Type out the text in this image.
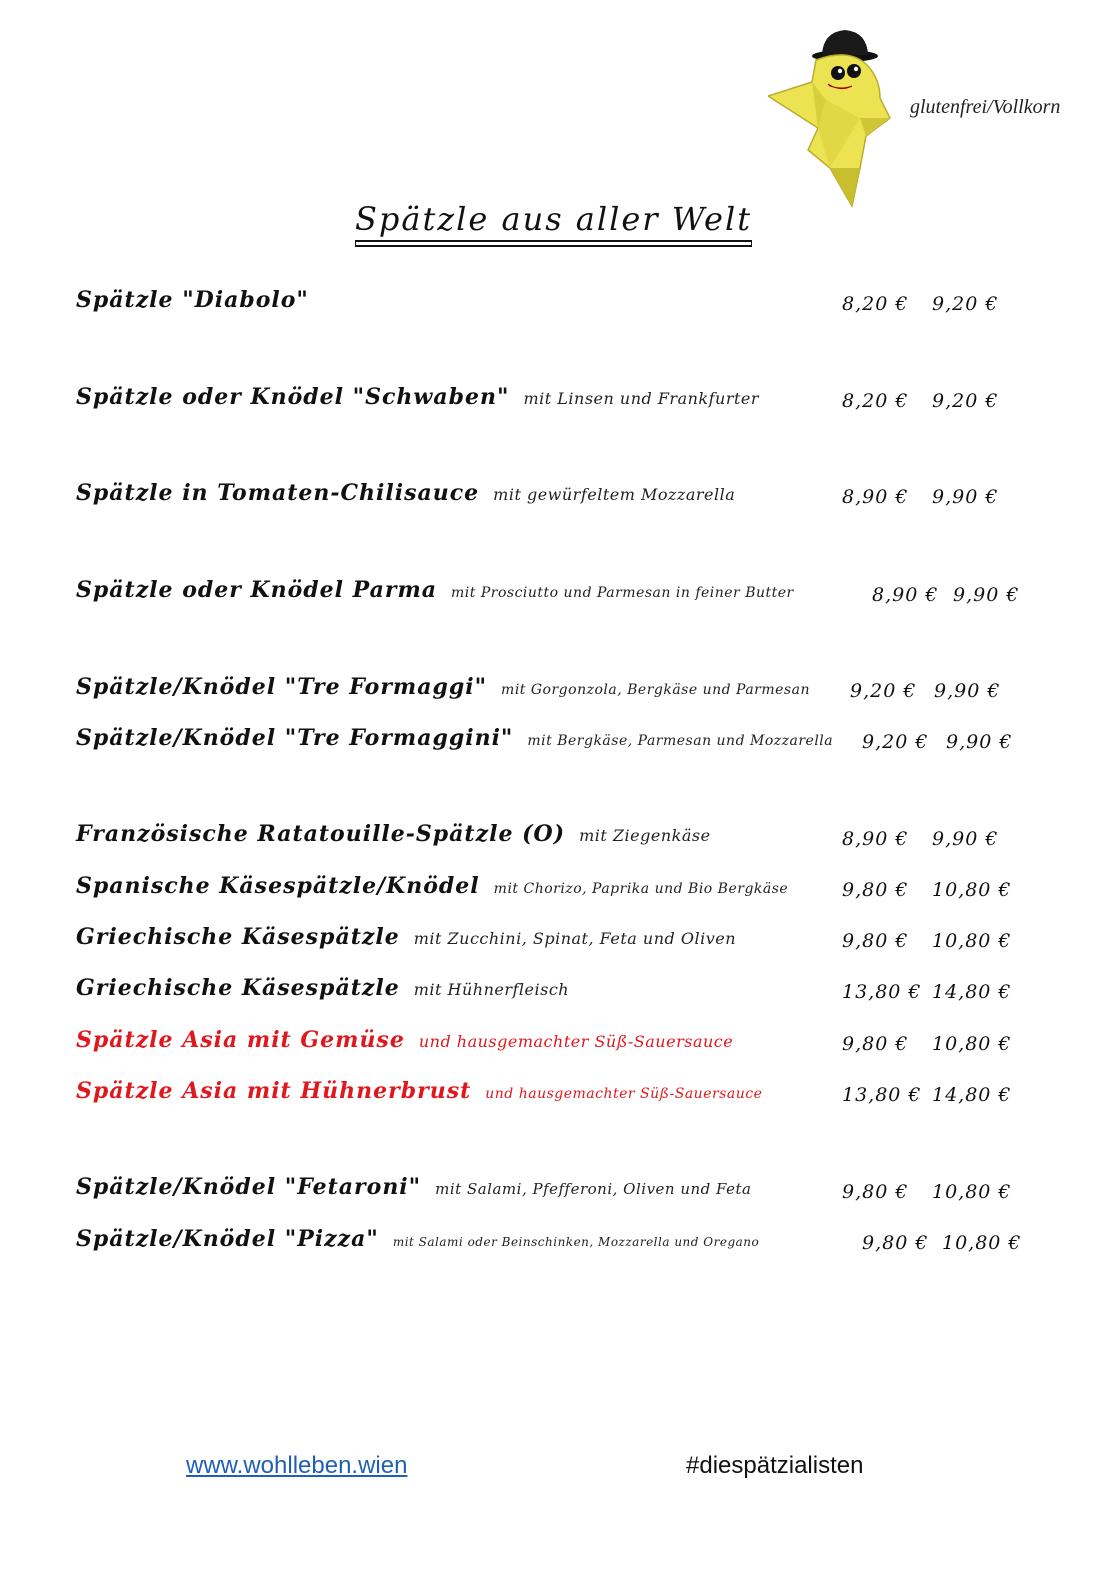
glutenfrei/Vollkorn
Spätzle aus aller Welt
Spätzle "Diabolo"	8,20 € 9,20 €
Spätzle oder Knödel "Schwaben" mit Linsen und Frankfurter	8,20 € 9,20 €
Spätzle in Tomaten-Chilisauce mit gewürfeltem Mozzarella	8,90 € 9,90 €
Spätzle oder Knödel Parma mit Prosciutto und Parmesan in feiner Butter	8,90 € 9,90 €
Spätzle/Knödel "Tre Formaggi" mit Gorgonzola, Bergkäse und Parmesan 9,20 € 9,90 €
Spätzle/Knödel "Tre Formaggini" mit Bergkäse, Parmesan und Mozzarella 9,20 € 9,90 €
Französische Ratatouille-Spätzle (O) mit Ziegenkäse	8,90 € 9,90 €
Spanische Käsespätzle/Knödel mit Chorizo, Paprika und Bio Bergkäse	9,80 € 10,80 €
Griechische Käsespätzle mit Zucchini, Spinat, Feta und Oliven	9,80 € 10,80 €
Griechische Käsespätzle mit Hühnerfleisch	13,80 € 14,80 €
Spätzle Asia mit Gemüse und hausgemachter Süß-Sauersauce	9,80 € 10,80 €
Spätzle Asia mit Hühnerbrust und hausgemachter Süß-Sauersauce	13,80 € 14,80 €
Spätzle/Knödel "Fetaroni" mit Salami, Pfefferoni, Oliven und Feta	9,80 € 10,80 €
Spätzle/Knödel "Pizza" mit Salami oder Beinschinken, Mozzarella und Oregano	9,80 € 10,80 €
www.wohlleben.wien	#diespätzialisten
